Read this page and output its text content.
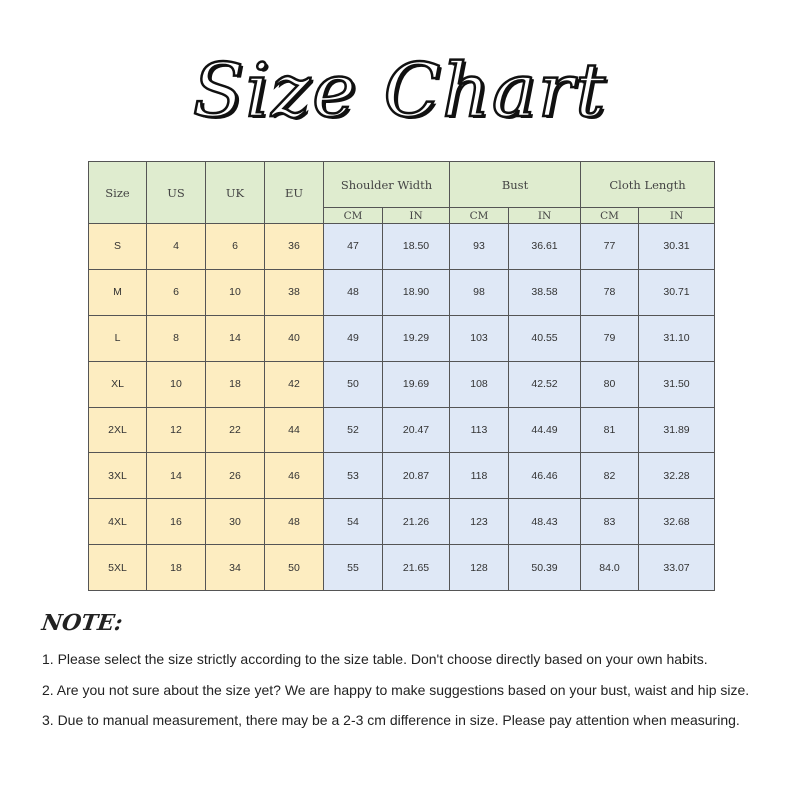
Size Chart
Size	US	UK	EU	Shoulder Width		Bust		Cloth Length	
				CM	IN	CM	IN	CM	IN
S	4	6	36	47	18.50	93	36.61	77	30.31
M	6	10	38	48	18.90	98	38.58	78	30.71
L	8	14	40	49	19.29	103	40.55	79	31.10
XL	10	18	42	50	19.69	108	42.52	80	31.50
2XL	12	22	44	52	20.47	113	44.49	81	31.89
3XL	14	26	46	53	20.87	118	46.46	82	32.28
4XL	16	30	48	54	21.26	123	48.43	83	32.68
5XL	18	34	50	55	21.65	128	50.39	84.0	33.07
NOTE:
1. Please select the size strictly according to the size table. Don't choose directly based on your own habits.
2. Are you not sure about the size yet? We are happy to make suggestions based on your bust, waist and hip size.
3. Due to manual measurement, there may be a 2-3 cm difference in size. Please pay attention when measuring.
